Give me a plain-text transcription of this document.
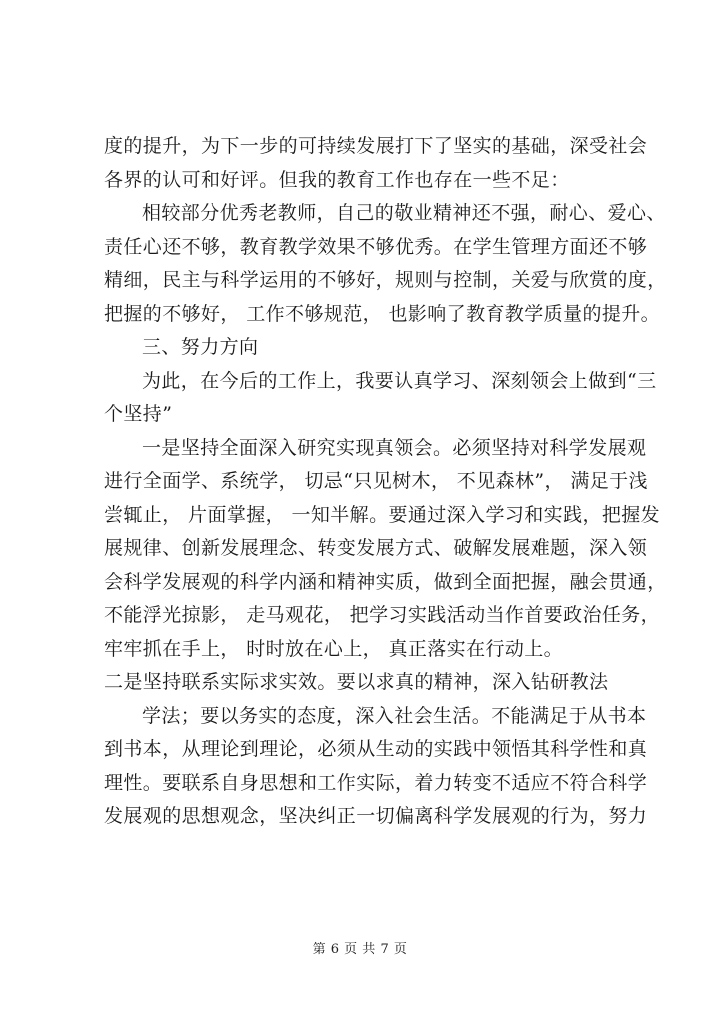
度的提升，为下一步的可持续发展打下了坚实的基础，深受社会
各界的认可和好评。但我的教育工作也存在一些不足：
相较部分优秀老教师，自己的敬业精神还不强，耐心、爱心、
责任心还不够，教育教学效果不够优秀。在学生管理方面还不够
精细，民主与科学运用的不够好，规则与控制，关爱与欣赏的度，
把握的不够好， 工作不够规范， 也影响了教育教学质量的提升。
三、努力方向
为此，在今后的工作上，我要认真学习、深刻领会上做到“三
个坚持”
一是坚持全面深入研究实现真领会。必须坚持对科学发展观
进行全面学、系统学， 切忌“只见树木， 不见森林”， 满足于浅
尝辄止， 片面掌握， 一知半解。要通过深入学习和实践，把握发
展规律、创新发展理念、转变发展方式、破解发展难题，深入领
会科学发展观的科学内涵和精神实质，做到全面把握，融会贯通，
不能浮光掠影， 走马观花， 把学习实践活动当作首要政治任务，
牢牢抓在手上， 时时放在心上， 真正落实在行动上。
二是坚持联系实际求实效。要以求真的精神，深入钻研教法
学法；要以务实的态度，深入社会生活。不能满足于从书本
到书本，从理论到理论，必须从生动的实践中领悟其科学性和真
理性。要联系自身思想和工作实际，着力转变不适应不符合科学
发展观的思想观念，坚决纠正一切偏离科学发展观的行为，努力
第 6 页 共 7 页
